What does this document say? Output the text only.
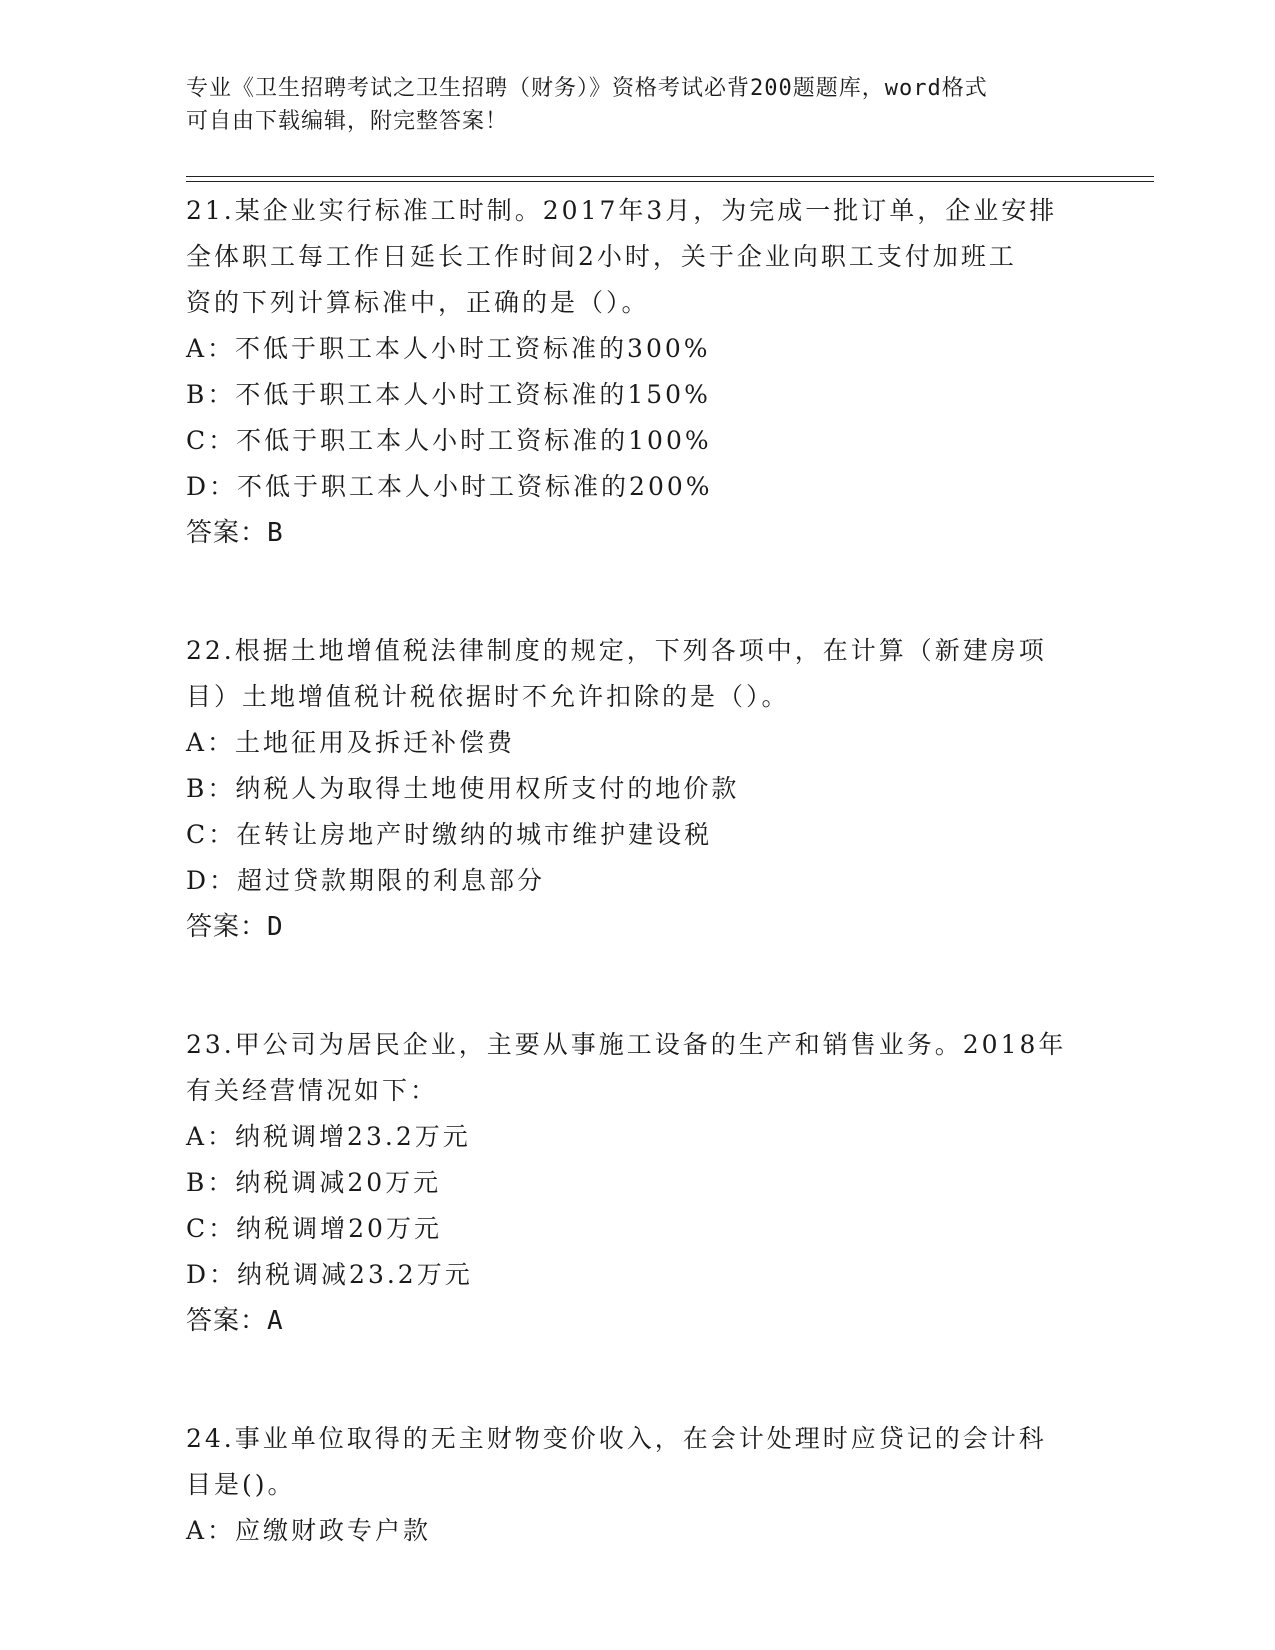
专业《卫生招聘考试之卫生招聘（财务）》资格考试必背200题题库，word格式
可自由下载编辑，附完整答案！
21.某企业实行标准工时制。2017年3月，为完成一批订单，企业安排
全体职工每工作日延长工作时间2小时，关于企业向职工支付加班工
资的下列计算标准中，正确的是（）。
A：不低于职工本人小时工资标准的300%
B：不低于职工本人小时工资标准的150%
C：不低于职工本人小时工资标准的100%
D：不低于职工本人小时工资标准的200%
答案：B
22.根据土地增值税法律制度的规定，下列各项中，在计算（新建房项
目）土地增值税计税依据时不允许扣除的是（）。
A：土地征用及拆迁补偿费
B：纳税人为取得土地使用权所支付的地价款
C：在转让房地产时缴纳的城市维护建设税
D：超过贷款期限的利息部分
答案：D
23.甲公司为居民企业，主要从事施工设备的生产和销售业务。2018年
有关经营情况如下：
A：纳税调增23.2万元
B：纳税调减20万元
C：纳税调增20万元
D：纳税调减23.2万元
答案：A
24.事业单位取得的无主财物变价收入，在会计处理时应贷记的会计科
目是()。
A：应缴财政专户款
